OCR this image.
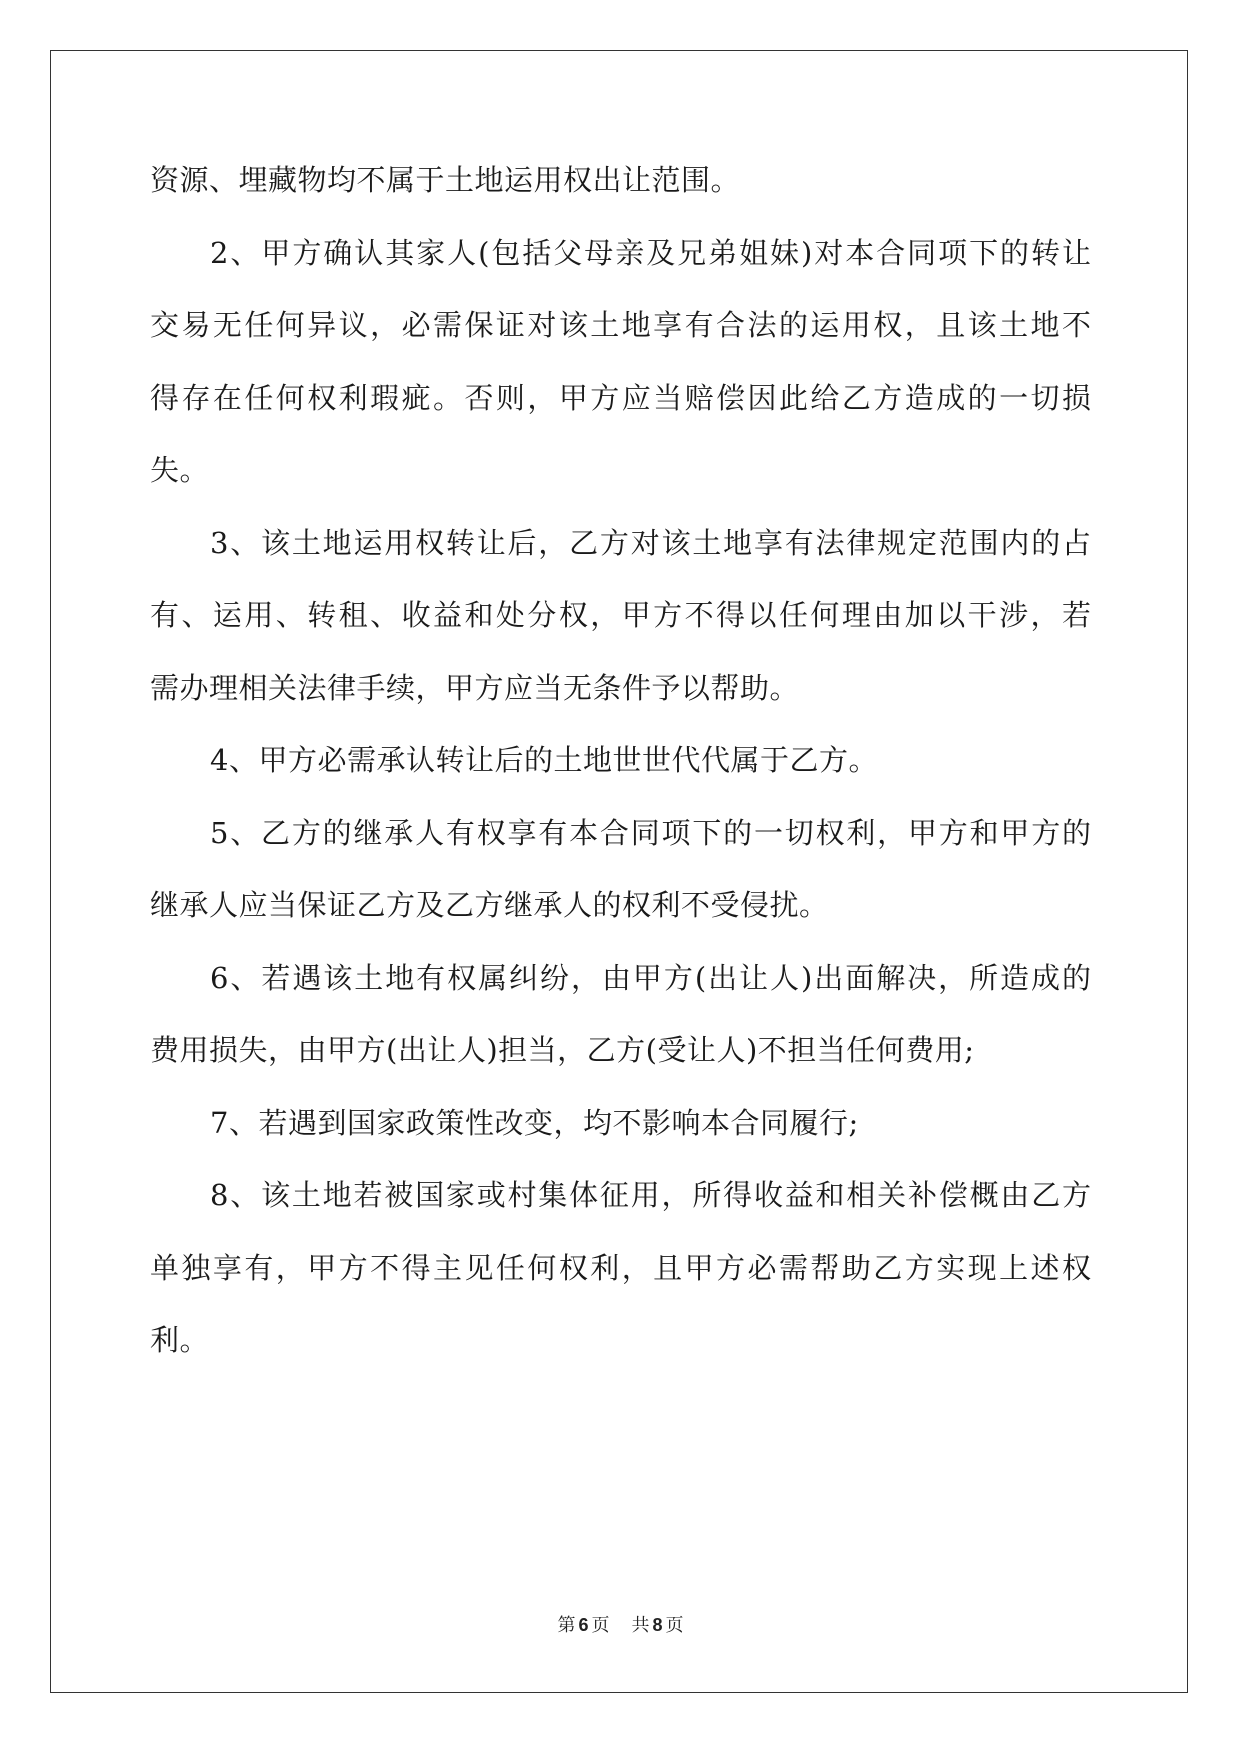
资源、埋藏物均不属于土地运用权出让范围。
2、甲方确认其家人(包括父母亲及兄弟姐妹)对本合同项下的转让
交易无任何异议，必需保证对该土地享有合法的运用权，且该土地不
得存在任何权利瑕疵。否则，甲方应当赔偿因此给乙方造成的一切损
失。
3、该土地运用权转让后，乙方对该土地享有法律规定范围内的占
有、运用、转租、收益和处分权，甲方不得以任何理由加以干涉，若
需办理相关法律手续，甲方应当无条件予以帮助。
4、甲方必需承认转让后的土地世世代代属于乙方。
5、乙方的继承人有权享有本合同项下的一切权利，甲方和甲方的
继承人应当保证乙方及乙方继承人的权利不受侵扰。
6、若遇该土地有权属纠纷，由甲方(出让人)出面解决，所造成的
费用损失，由甲方(出让人)担当，乙方(受让人)不担当任何费用;
7、若遇到国家政策性改变，均不影响本合同履行;
8、该土地若被国家或村集体征用，所得收益和相关补偿概由乙方
单独享有，甲方不得主见任何权利，且甲方必需帮助乙方实现上述权
利。
第 6 页 共 8 页
